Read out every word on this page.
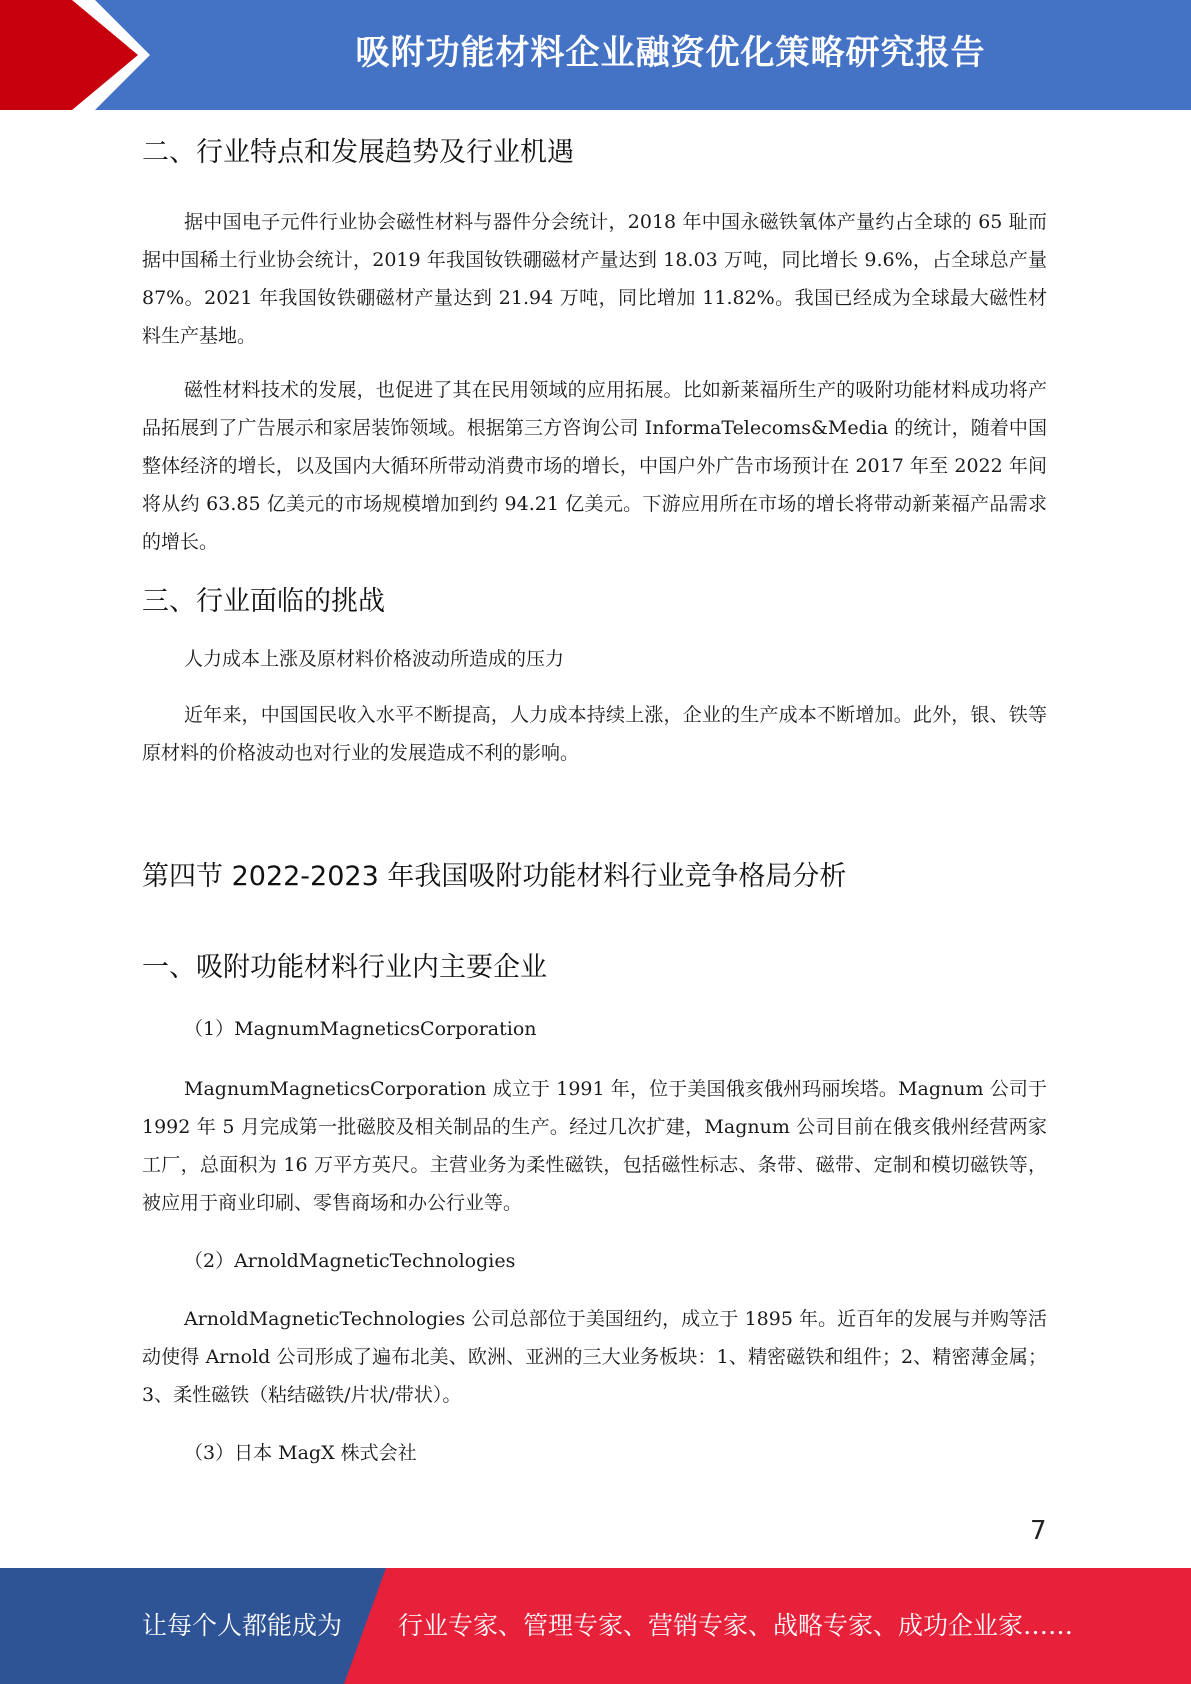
吸附功能材料企业融资优化策略研究报告
二、行业特点和发展趋势及行业机遇

据中国电子元件行业协会磁性材料与器件分会统计，2018 年中国永磁铁氧体产量约占全球的 65 耻而据中国稀土行业协会统计，2019 年我国钕铁硼磁材产量达到 18.03 万吨，同比增长 9.6%，占全球总产量 87%。2021 年我国钕铁硼磁材产量达到 21.94 万吨，同比增加 11.82%。我国已经成为全球最大磁性材料生产基地。

磁性材料技术的发展，也促进了其在民用领域的应用拓展。比如新莱福所生产的吸附功能材料成功将产品拓展到了广告展示和家居装饰领域。根据第三方咨询公司 InformaTelecoms&Media 的统计，随着中国整体经济的增长，以及国内大循环所带动消费市场的增长，中国户外广告市场预计在 2017 年至 2022 年间将从约 63.85 亿美元的市场规模增加到约 94.21 亿美元。下游应用所在市场的增长将带动新莱福产品需求的增长。

三、行业面临的挑战
人力成本上涨及原材料价格波动所造成的压力

近年来，中国国民收入水平不断提高，人力成本持续上涨，企业的生产成本不断增加。此外，银、铁等原材料的价格波动也对行业的发展造成不利的影响。

第四节 2022-2023 年我国吸附功能材料行业竞争格局分析
一、吸附功能材料行业内主要企业
（1）MagnumMagneticsCorporation

MagnumMagneticsCorporation 成立于 1991 年，位于美国俄亥俄州玛丽埃塔。Magnum 公司于 1992 年 5 月完成第一批磁胶及相关制品的生产。经过几次扩建，Magnum 公司目前在俄亥俄州经营两家工厂，总面积为 16 万平方英尺。主营业务为柔性磁铁，包括磁性标志、条带、磁带、定制和模切磁铁等，被应用于商业印刷、零售商场和办公行业等。

（2）ArnoldMagneticTechnologies

ArnoldMagneticTechnologies 公司总部位于美国纽约，成立于 1895 年。近百年的发展与并购等活动使得 Arnold 公司形成了遍布北美、欧洲、亚洲的三大业务板块：1、精密磁铁和组件；2、精密薄金属；3、柔性磁铁（粘结磁铁/片状/带状）。

（3）日本 MagX 株式会社
7
让每个人都能成为 行业专家、管理专家、营销专家、战略专家、成功企业家……
